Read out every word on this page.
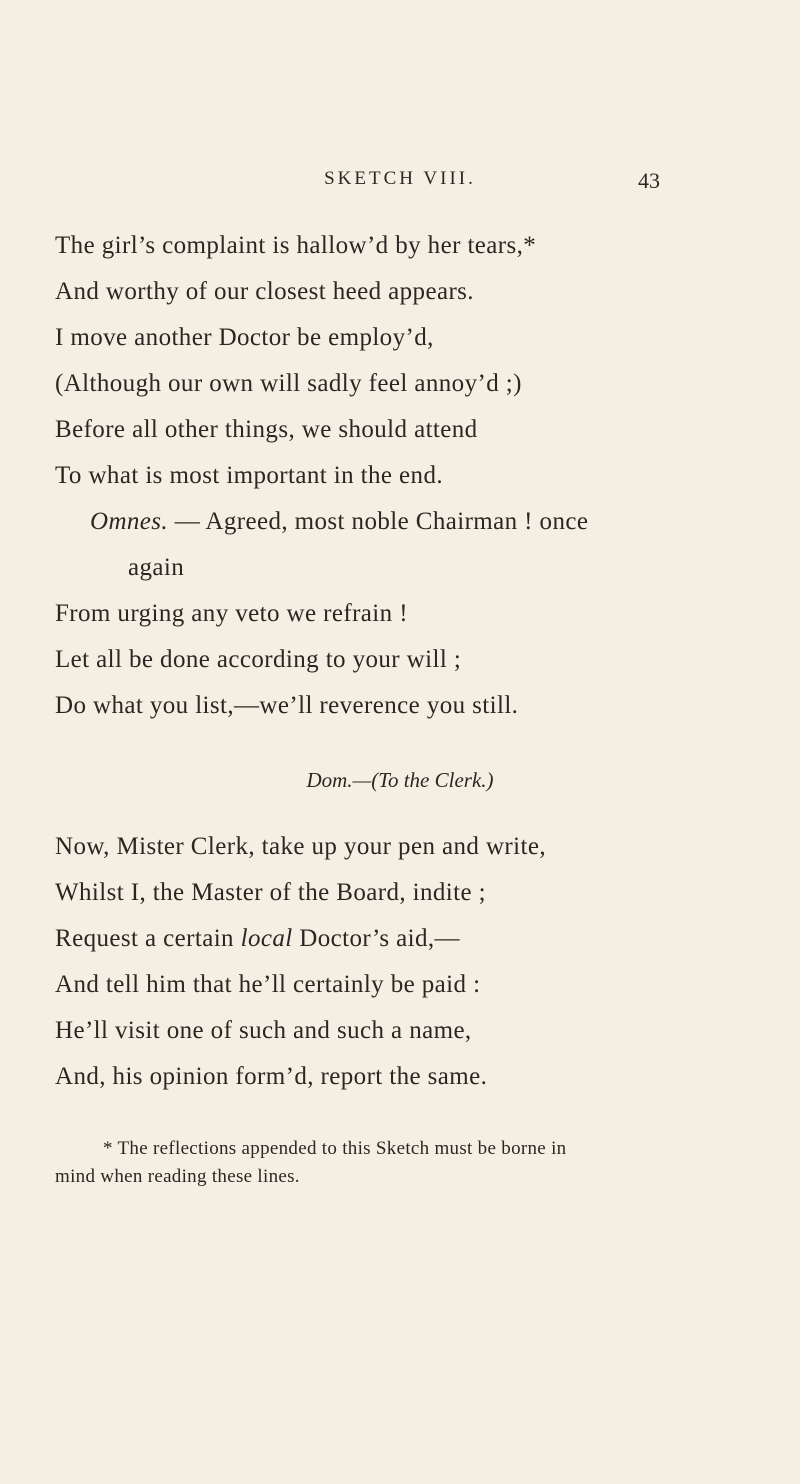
SKETCH VIII.	43
The girl’s complaint is hallow’d by her tears,*
And worthy of our closest heed appears.
I move another Doctor be employ’d,
(Although our own will sadly feel annoy’d ;)
Before all other things, we should attend
To what is most important in the end.
Omnes. — Agreed, most noble Chairman ! once
again
From urging any veto we refrain !
Let all be done according to your will ;
Do what you list,—we’ll reverence you still.
Dom.—(To the Clerk.)
Now, Mister Clerk, take up your pen and write,
Whilst I, the Master of the Board, indite ;
Request a certain local Doctor’s aid,—
And tell him that he’ll certainly be paid :
He’ll visit one of such and such a name,
And, his opinion form’d, report the same.
* The reflections appended to this Sketch must be borne in
mind when reading these lines.
